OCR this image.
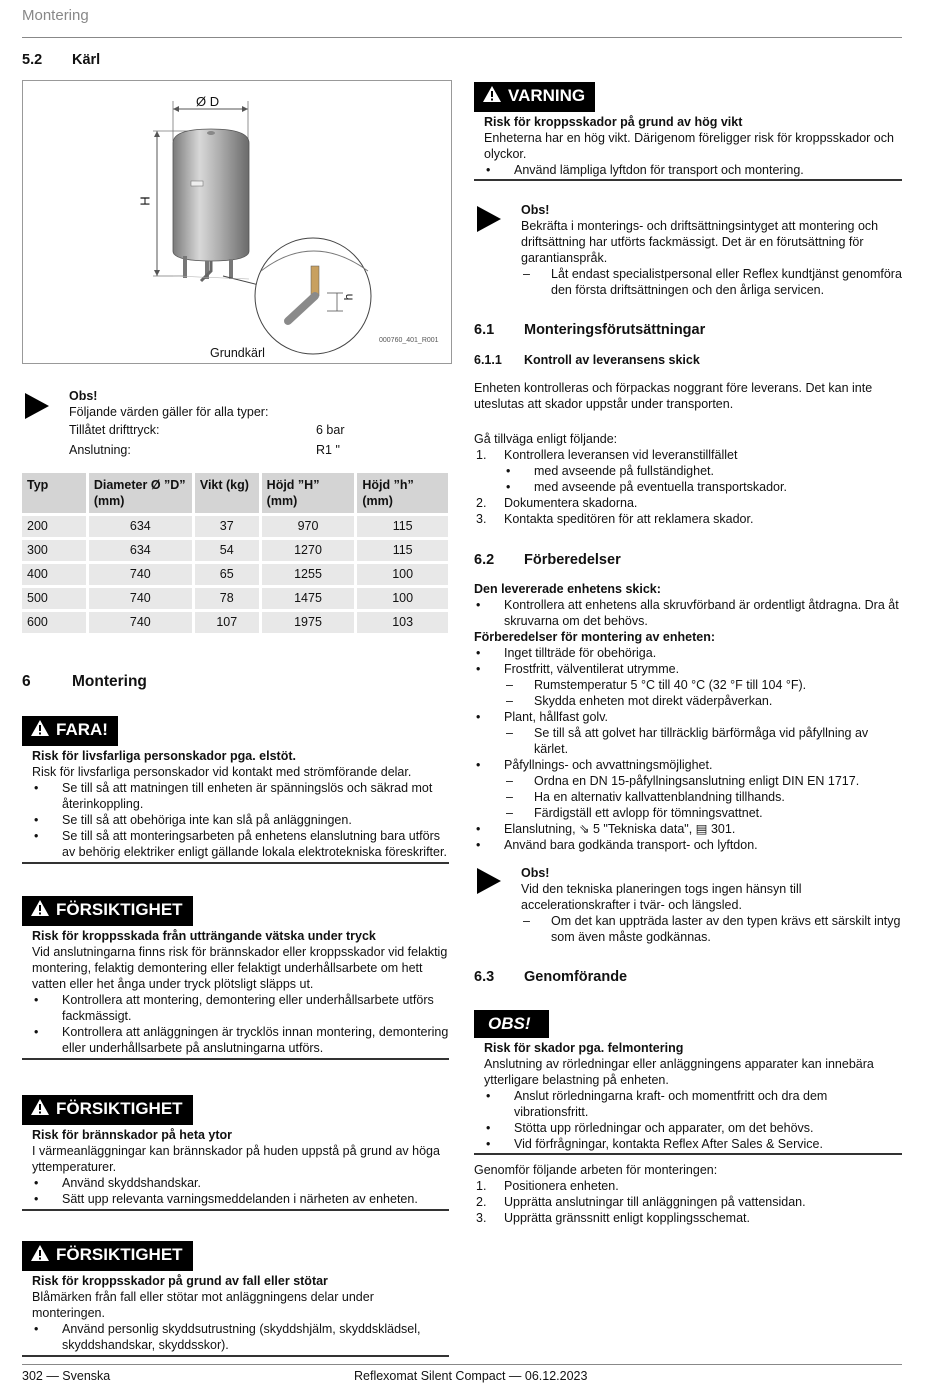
Montering
5.2 Kärl
Ø D
H
h
000760_401_R001
Grundkärl

Obs!

Följande värden gäller för alla typer:

Tillåtet drifttryck:	6 bar
Anslutning:	R1 "
Typ	Diameter Ø ”D” (mm)	Vikt (kg)	Höjd ”H” (mm)	Höjd ”h” (mm)
200	634	37	970	115
300	634	54	1270	115
400	740	65	1255	100
500	740	78	1475	100
600	740	107	1975	103
6	Montering
FARA!

Risk för livsfarliga personskador pga. elstöt.

Risk för livsfarliga personskador vid kontakt med strömförande delar.

• Se till så att matningen till enheten är spänningslös och säkrad mot återinkoppling.
• Se till så att obehöriga inte kan slå på anläggningen.
• Se till så att monteringsarbeten på enhetens elanslutning bara utförs av behörig elektriker enligt gällande lokala elektrotekniska föreskrifter.
FÖRSIKTIGHET

Risk för kroppsskada från utträngande vätska under tryck

Vid anslutningarna finns risk för brännskador eller kroppsskador vid felaktig montering, felaktig demontering eller felaktigt underhållsarbete om hett vatten eller het ånga under tryck plötsligt släpps ut.

• Kontrollera att montering, demontering eller underhållsarbete utförs fackmässigt.
• Kontrollera att anläggningen är trycklös innan montering, demontering eller underhållsarbete på anslutningarna utförs.
FÖRSIKTIGHET

Risk för brännskador på heta ytor

I värmeanläggningar kan brännskador på huden uppstå på grund av höga yttemperaturer.

• Använd skyddshandskar.
• Sätt upp relevanta varningsmeddelanden i närheten av enheten.
FÖRSIKTIGHET

Risk för kroppsskador på grund av fall eller stötar

Blåmärken från fall eller stötar mot anläggningens delar under monteringen.

• Använd personlig skyddsutrustning (skyddshjälm, skyddsklädsel, skyddshandskar, skyddsskor).
VARNING

Risk för kroppsskador på grund av hög vikt

Enheterna har en hög vikt. Därigenom föreligger risk för kroppsskador och olyckor.

• Använd lämpliga lyftdon för transport och montering.

Obs!

Bekräfta i monterings- och driftsättningsintyget att montering och driftsättning har utförts fackmässigt. Det är en förutsättning för garantianspråk.

– Låt endast specialistpersonal eller Reflex kundtjänst genomföra den första driftsättningen och den årliga servicen.
6.1 Monteringsförutsättningar
6.1.1 Kontroll av leveransens skick

Enheten kontrolleras och förpackas noggrant före leverans. Det kan inte uteslutas att skador uppstår under transporten.

Gå tillväga enligt följande:

1. Kontrollera leveransen vid leveranstillfället
• med avseende på fullständighet.
• med avseende på eventuella transportskador.
2. Dokumentera skadorna.
3. Kontakta speditören för att reklamera skador.
6.2 Förberedelser

Den levererade enhetens skick:

• Kontrollera att enhetens alla skruvförband är ordentligt åtdragna. Dra åt skruvarna om det behövs.

Förberedelser för montering av enheten:

• Inget tillträde för obehöriga.
• Frostfritt, välventilerat utrymme.
– Rumstemperatur 5 °C till 40 °C (32 °F till 104 °F).
– Skydda enheten mot direkt väderpåverkan.
• Plant, hållfast golv.
– Se till så att golvet har tillräcklig bärförmåga vid påfyllning av kärlet.
• Påfyllnings- och avvattningsmöjlighet.
– Ordna en DN 15-påfyllningsanslutning enligt DIN EN 1717.
– Ha en alternativ kallvattenblandning tillhands.
– Färdigställ ett avlopp för tömningsvattnet.
• Elanslutning, ⇘ 5 "Tekniska data", ▤ 301.
• Använd bara godkända transport- och lyftdon.

Obs!

Vid den tekniska planeringen togs ingen hänsyn till accelerationskrafter i tvär- och längsled.

– Om det kan uppträda laster av den typen krävs ett särskilt intyg som även måste godkännas.
6.3 Genomförande
OBS!

Risk för skador pga. felmontering

Anslutning av rörledningar eller anläggningens apparater kan innebära ytterligare belastning på enheten.

• Anslut rörledningarna kraft- och momentfritt och dra dem vibrationsfritt.
• Stötta upp rörledningar och apparater, om det behövs.
• Vid förfrågningar, kontakta Reflex After Sales & Service.

Genomför följande arbeten för monteringen:

1. Positionera enheten.
2. Upprätta anslutningar till anläggningen på vattensidan.
3. Upprätta gränssnitt enligt kopplingsschemat.
302 — Svenska	Reflexomat Silent Compact — 06.12.2023
